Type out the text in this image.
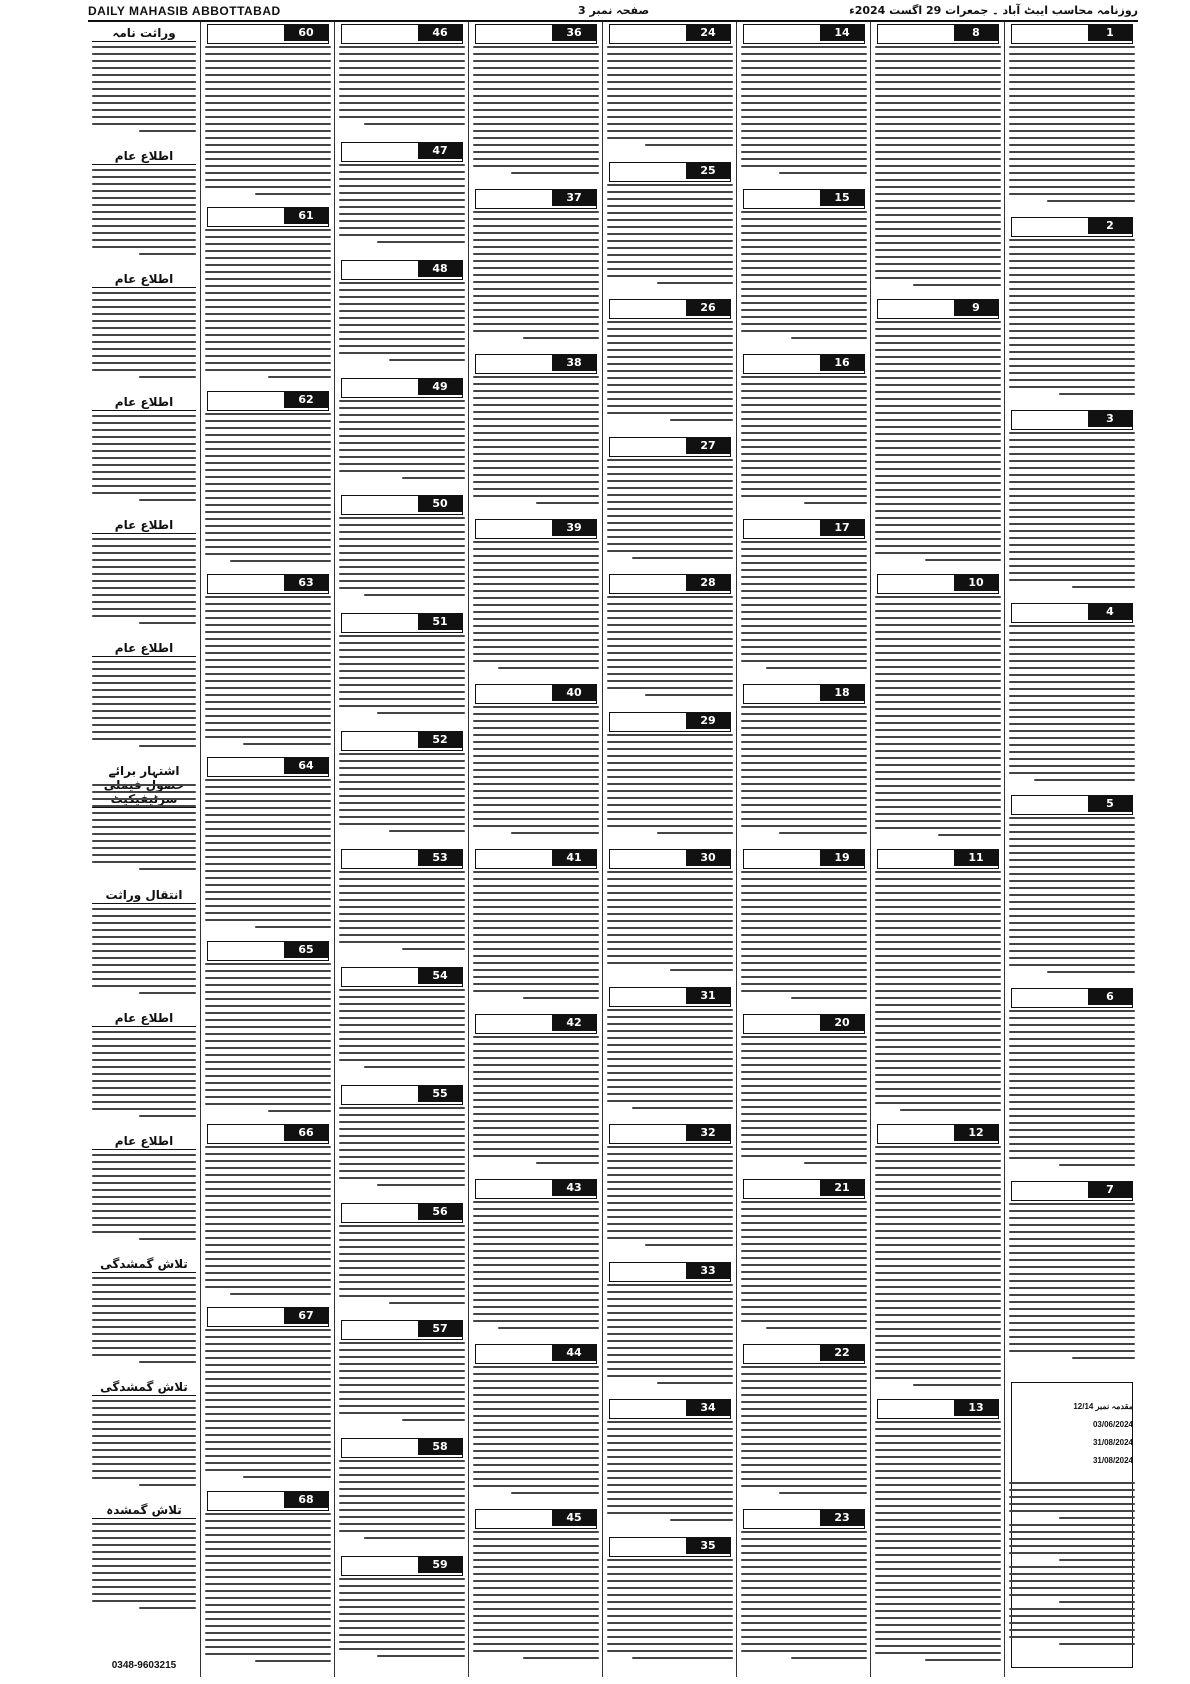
DAILY MAHASIB ABBOTTABAD	صفحہ نمبر 3	روزنامہ محاسب ایبٹ آباد ۔ جمعرات 29 اگست 2024ء
وراثت نامہ
اطلاع عام
اطلاع عام
اطلاع عام
اطلاع عام
اطلاع عام
اشتہار برائے
انتقال وراثت
اطلاع عام
اطلاع عام
تلاش گمشدگی
تلاش گمشدگی
تلاش گمشدہ
0348-9603215
1
2
3
4
5
6
7
مقدمہ نمبر 12/14
03/06/2024
31/08/2024
31/08/2024
8
9
10
11
12
13
14
15
16
17
18
19
20
21
22
23
24
25
26
27
28
29
30
31
32
33
34
35
36
37
38
39
40
41
42
43
44
45
46
47
48
49
50
51
52
53
54
55
56
57
58
59
60
61
62
63
64
65
66
67
68
